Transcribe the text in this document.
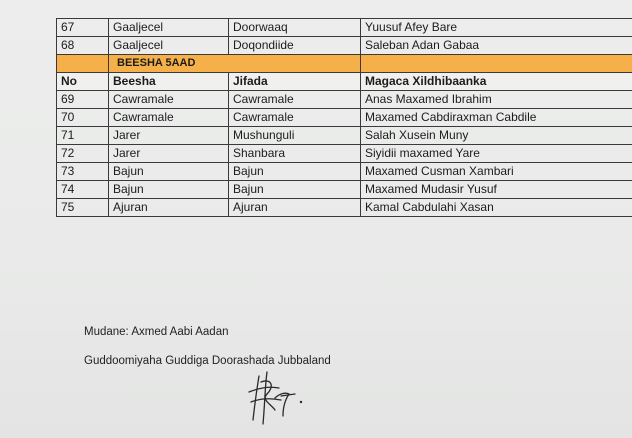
67	Gaaljecel	Doorwaaq	Yuusuf Afey Bare
68	Gaaljecel	Doqondiide	Saleban Adan Gabaa
	BEESHA 5AAD		
No	Beesha	Jifada	Magaca Xildhibaanka
69	Cawramale	Cawramale	Anas Maxamed Ibrahim
70	Cawramale	Cawramale	Maxamed Cabdiraxman Cabdile
71	Jarer	Mushunguli	Salah Xusein Muny
72	Jarer	Shanbara	Siyidii maxamed Yare
73	Bajun	Bajun	Maxamed Cusman Xambari
74	Bajun	Bajun	Maxamed Mudasir Yusuf
75	Ajuran	Ajuran	Kamal Cabdulahi Xasan
Mudane: Axmed Aabi Aadan
Guddoomiyaha Guddiga Doorashada Jubbaland
